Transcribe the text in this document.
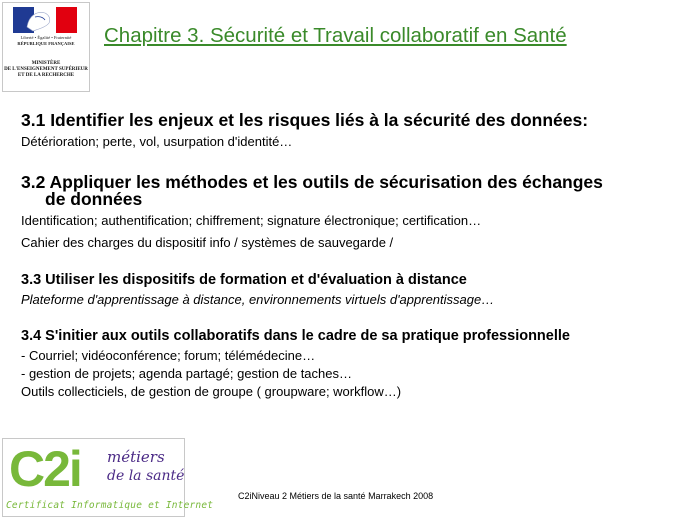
Liberté • Égalité • Fraternité
RÉPUBLIQUE FRANÇAISE
MINISTÈRE
DE L'ENSEIGNEMENT SUPÉRIEUR
ET DE LA RECHERCHE
Chapitre 3. Sécurité et Travail collaboratif en Santé
3.1 Identifier les enjeux et les risques liés à la sécurité des données:
Détérioration; perte, vol, usurpation d'identité…
3.2 Appliquer les méthodes et les outils de sécurisation des échanges
de données
Identification; authentification; chiffrement; signature électronique; certification…
Cahier des charges du dispositif info / systèmes de sauvegarde /
3.3 Utiliser les dispositifs de formation et d'évaluation à distance
Plateforme d'apprentissage à distance, environnements virtuels d'apprentissage…
3.4 S'initier aux outils collaboratifs dans le cadre de sa pratique professionnelle
- Courriel; vidéoconférence; forum; télémédecine…
- gestion de projets; agenda partagé; gestion de taches…
Outils collecticiels, de gestion de groupe ( groupware; workflow…)
C2i métiers
de la santé
Certificat Informatique et Internet
C2iNiveau 2 Métiers de la santé Marrakech 2008
